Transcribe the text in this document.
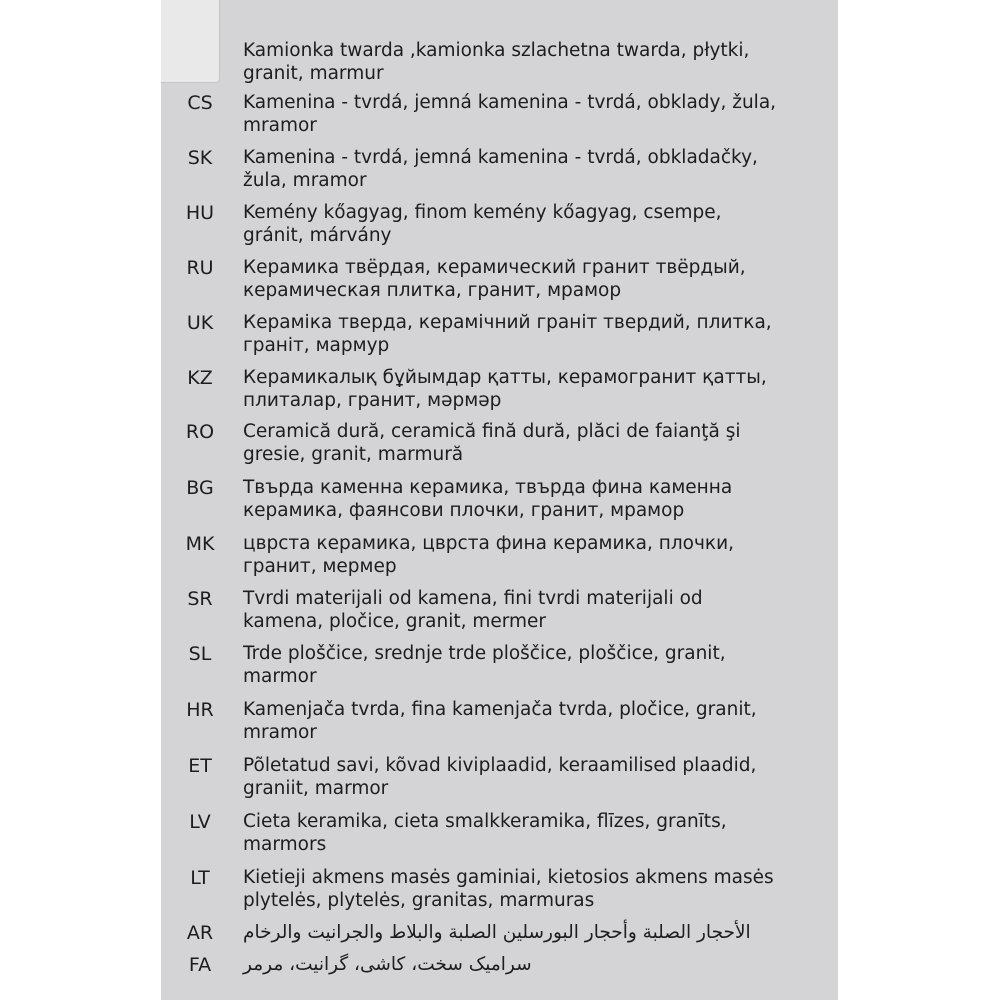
Kamionka twarda ,kamionka szlachetna twarda, płytki,
granit, marmur
CS	Kamenina - tvrdá, jemná kamenina - tvrdá, obklady, žula,
mramor
SK	Kamenina - tvrdá, jemná kamenina - tvrdá, obkladačky,
žula, mramor
HU	Kemény kőagyag, finom kemény kőagyag, csempe,
gránit, márvány
RU	Керамика твёрдая, керамический гранит твёрдый,
керамическая плитка, гранит, мрамор
UK	Кераміка тверда, керамічний граніт твердий, плитка,
граніт, мармур
KZ	Керамикалық бұйымдар қатты, керамогранит қатты,
плиталар, гранит, мәрмәр
RO	Ceramică dură, ceramică fină dură, plăci de faianţă şi
gresie, granit, marmură
BG	Твърда каменна керамика, твърда фина каменна
керамика, фаянсови плочки, гранит, мрамор
MK	цврста керамика, цврста фина керамика, плочки,
гранит, мермер
SR	Tvrdi materijali od kamena, fini tvrdi materijali od
kamena, pločice, granit, mermer
SL	Trde ploščice, srednje trde ploščice, ploščice, granit,
marmor
HR	Kamenjača tvrda, fina kamenjača tvrda, pločice, granit,
mramor
ET	Põletatud savi, kõvad kiviplaadid, keraamilised plaadid,
graniit, marmor
LV	Cieta keramika, cieta smalkkeramika, flīzes, granīts,
marmors
LT	Kietieji akmens masės gaminiai, kietosios akmens masės
plytelės, plytelės, granitas, marmuras
AR	الأحجار الصلبة وأحجار البورسلين الصلبة والبلاط والجرانيت والرخام
FA	سرامیک سخت، کاشی، گرانیت، مرمر
